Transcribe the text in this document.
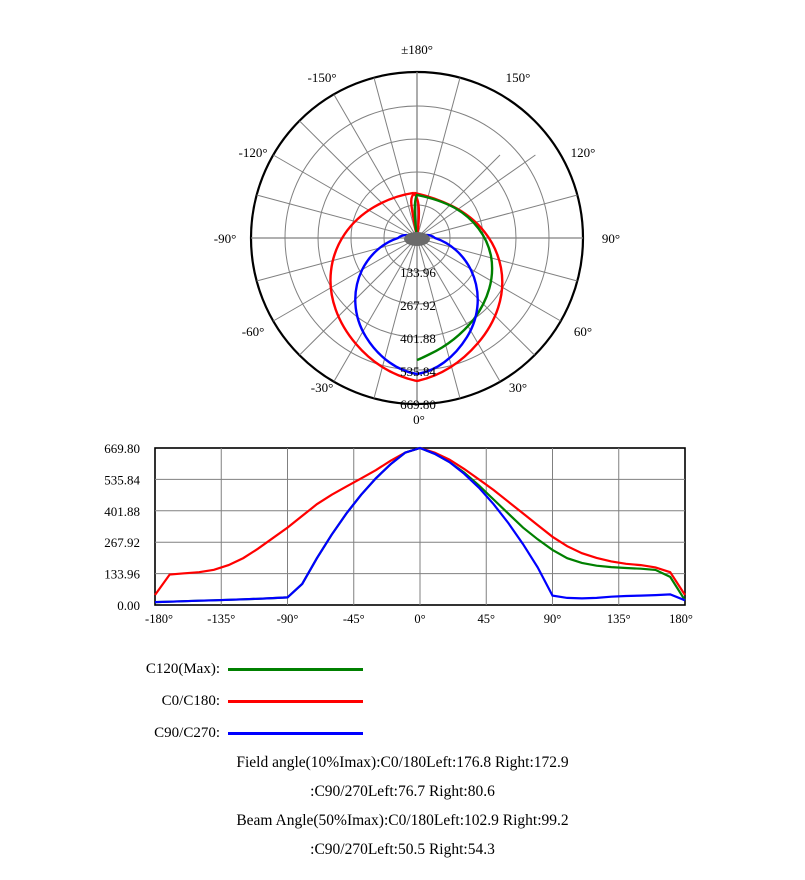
133.96
267.92
401.88
535.84
669.80
±180°
-150°	150°
-120°	120°
-90°	90°
-60°	60°
-30°	30°
0°
669.80
535.84
401.88
267.92
133.96
0.00
-180°	-135°	-90°	-45°	0°	45°	90°	135°	180°
C120(Max):
C0/C180:
C90/C270:
Field angle(10%Imax):C0/180Left:176.8 Right:172.9
:C90/270Left:76.7 Right:80.6
Beam Angle(50%Imax):C0/180Left:102.9 Right:99.2
:C90/270Left:50.5 Right:54.3
